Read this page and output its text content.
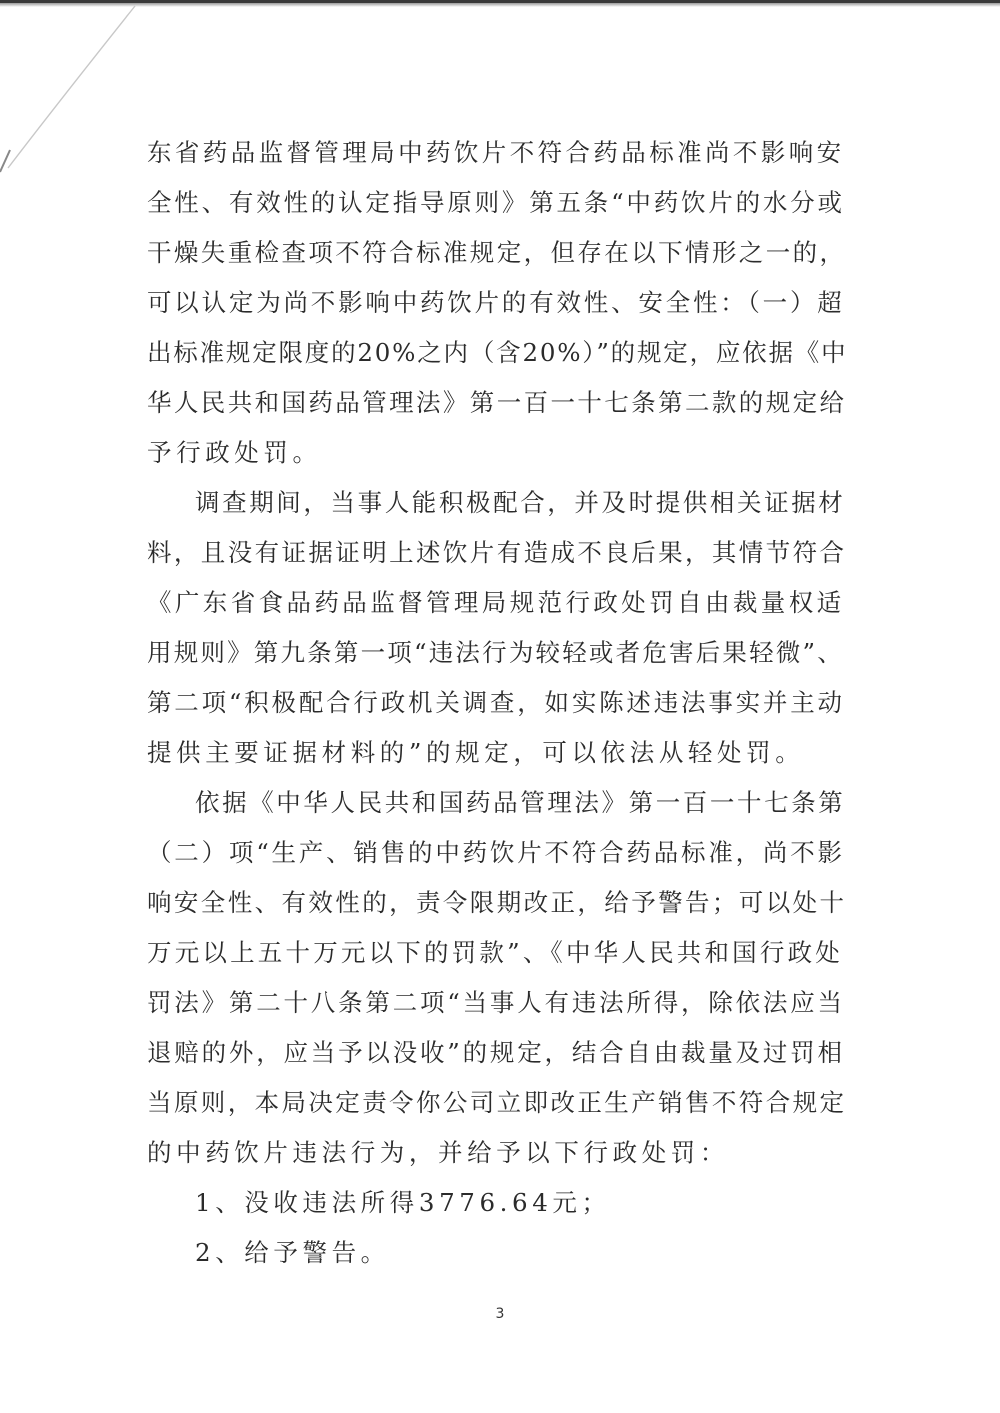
东省药品监督管理局中药饮片不符合药品标准尚不影响安
全性、有效性的认定指导原则》第五条“中药饮片的水分或
干燥失重检查项不符合标准规定，但存在以下情形之一的，
可以认定为尚不影响中药饮片的有效性、安全性：（一）超
出标准规定限度的20%之内（含20%）”的规定，应依据《中
华人民共和国药品管理法》第一百一十七条第二款的规定给
予行政处罚。
调查期间，当事人能积极配合，并及时提供相关证据材
料，且没有证据证明上述饮片有造成不良后果，其情节符合
《广东省食品药品监督管理局规范行政处罚自由裁量权适
用规则》第九条第一项“违法行为较轻或者危害后果轻微”、
第二项“积极配合行政机关调查，如实陈述违法事实并主动
提供主要证据材料的”的规定，可以依法从轻处罚。
依据《中华人民共和国药品管理法》第一百一十七条第
（二）项“生产、销售的中药饮片不符合药品标准，尚不影
响安全性、有效性的，责令限期改正，给予警告；可以处十
万元以上五十万元以下的罚款”、《中华人民共和国行政处
罚法》第二十八条第二项“当事人有违法所得，除依法应当
退赔的外，应当予以没收”的规定，结合自由裁量及过罚相
当原则，本局决定责令你公司立即改正生产销售不符合规定
的中药饮片违法行为，并给予以下行政处罚：
1、没收违法所得3776.64元；
2、给予警告。
3
